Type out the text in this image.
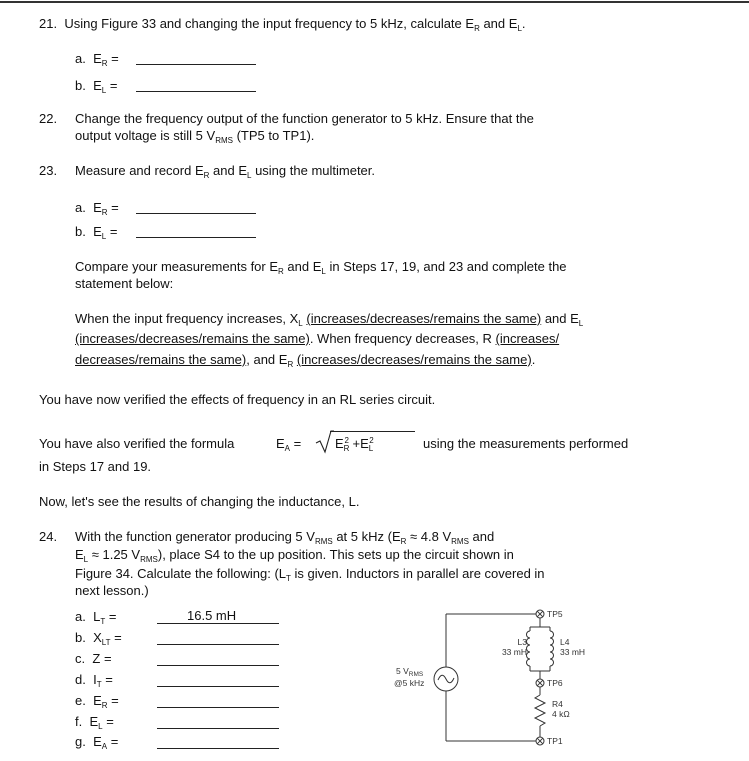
21. Using Figure 33 and changing the input frequency to 5 kHz, calculate $E_R$ and $E_L$.
a. $E_R$ =
b. $E_L$ =
22. Change the frequency output of the function generator to 5 kHz. Ensure that the
output voltage is still 5 $V_{RMS}$ (TP5 to TP1).
23. Measure and record $E_R$ and $E_L$ using the multimeter.
a. $E_R$ =
b. $E_L$ =
Compare your measurements for $E_R$ and $E_L$ in Steps 17, 19, and 23 and complete the
statement below:
When the input frequency increases, $X_L$ (increases/decreases/remains the same) and $E_L$
(increases/decreases/remains the same). When frequency decreases, R (increases/
decreases/remains the same), and $E_R$ (increases/decreases/remains the same).
You have now verified the effects of frequency in an RL series circuit.
You have also verified the formula	$E_A$ =	$E_R^2 +E_L^2$	using the measurements performed
in Steps 17 and 19.
Now, let's see the results of changing the inductance, L.
24. With the function generator producing 5 $V_{RMS}$ at 5 kHz ($E_R \approx 4.8$ $V_{RMS}$ and
$E_L \approx 1.25$ $V_{RMS}$), place S4 to the up position. This sets up the circuit shown in
Figure 34. Calculate the following: ($L_T$ is given. Inductors in parallel are covered in
next lesson.)
a. $L_T$ =	16.5 mH
b. $X_{LT}$ =
c. Z =
d. $I_T$ =
e. $E_R$ =
f. $E_L$ =
g. $E_A$ =
TP5
TP6
TP1
L3
33 mH
L4
33 mH
R4
4 kΩ
5 $V_{RMS}$
@5 kHz
